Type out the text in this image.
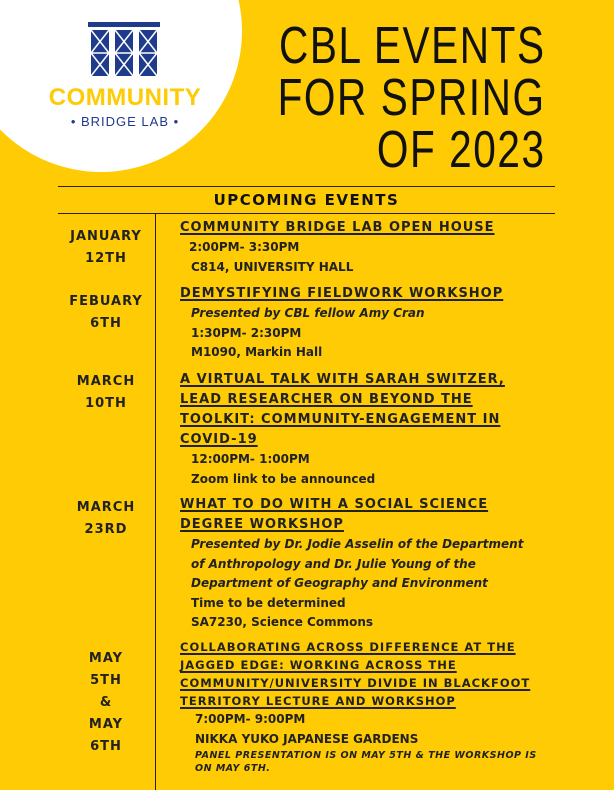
COMMUNITY
• BRIDGE LAB •
CBL EVENTS
FOR SPRING
OF 2023
UPCOMING EVENTS
JANUARY
12TH
COMMUNITY BRIDGE LAB OPEN HOUSE
2:00PM- 3:30PM
C814, UNIVERSITY HALL
FEBUARY
6TH
DEMYSTIFYING FIELDWORK WORKSHOP
Presented by CBL fellow Amy Cran
1:30PM- 2:30PM
M1090, Markin Hall
MARCH
10TH
A VIRTUAL TALK WITH SARAH SWITZER,
LEAD RESEARCHER ON BEYOND THE
TOOLKIT: COMMUNITY-ENGAGEMENT IN
COVID-19
12:00PM- 1:00PM
Zoom link to be announced
MARCH
23RD
WHAT TO DO WITH A SOCIAL SCIENCE
DEGREE WORKSHOP
Presented by Dr. Jodie Asselin of the Department
of Anthropology and Dr. Julie Young of the
Department of Geography and Environment
Time to be determined
SA7230, Science Commons
MAY
5TH
&
MAY
6TH
COLLABORATING ACROSS DIFFERENCE AT THE
JAGGED EDGE: WORKING ACROSS THE
COMMUNITY/UNIVERSITY DIVIDE IN BLACKFOOT
TERRITORY LECTURE AND WORKSHOP
7:00PM- 9:00PM
NIKKA YUKO JAPANESE GARDENS
PANEL PRESENTATION IS ON MAY 5TH & THE WORKSHOP IS
ON MAY 6TH.
